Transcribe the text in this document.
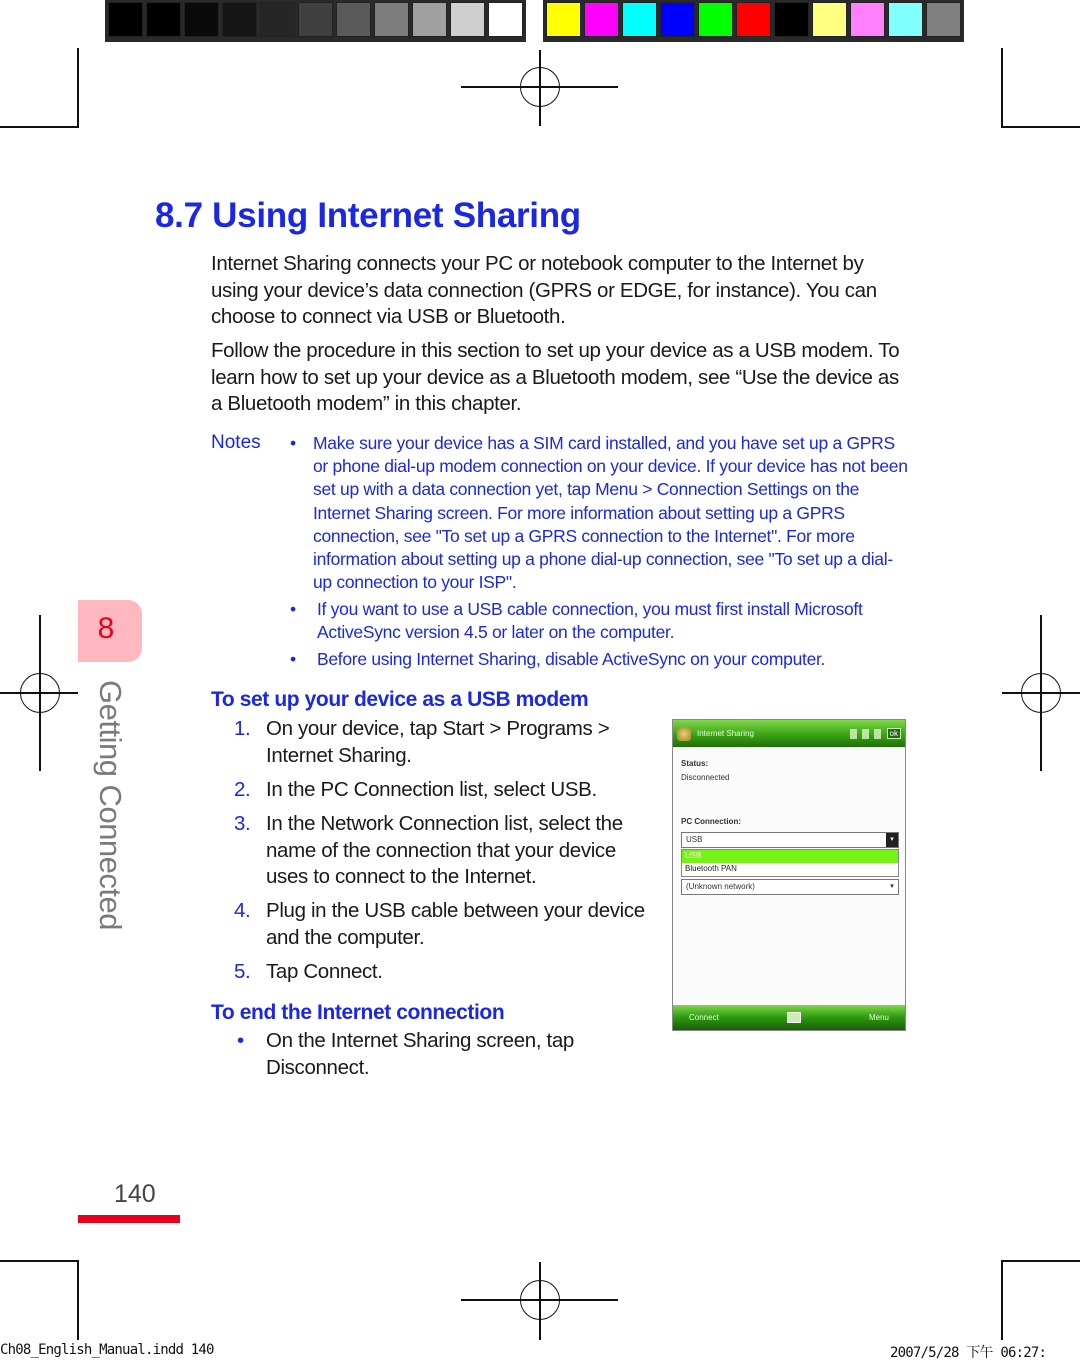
8.7 Using Internet Sharing

Internet Sharing connects your PC or notebook computer to the Internet by using your device’s data connection (GPRS or EDGE, for instance). You can choose to connect via USB or Bluetooth.

Follow the procedure in this section to set up your device as a USB modem. To learn how to set up your device as a Bluetooth modem, see “Use the device as a Bluetooth modem” in this chapter.

Notes • Make sure your device has a SIM card installed, and you have set up a GPRS or phone dial-up modem connection on your device. If your device has not been set up with a data connection yet, tap Menu > Connection Settings on the Internet Sharing screen. For more information about setting up a GPRS connection, see "To set up a GPRS connection to the Internet". For more information about setting up a phone dial-up connection, see "To set up a dial-up connection to your ISP".
• If you want to use a USB cable connection, you must first install Microsoft ActiveSync version 4.5 or later on the computer.
• Before using Internet Sharing, disable ActiveSync on your computer.
8
Getting Connected	To set up your device as a USB modem
1. On your device, tap Start > Programs > Internet Sharing.
2. In the PC Connection list, select USB.
3. In the Network Connection list, select the name of the connection that your device uses to connect to the Internet.
4. Plug in the USB cable between your device and the computer.
5. Tap Connect.
To end the Internet connection
• On the Internet Sharing screen, tap Disconnect.
Internet Sharing	ok
Status:
Disconnected
PC Connection:
USB	▾
USB
Bluetooth PAN
(Unknown network)	▾
Connect	Menu
140
Ch08_English_Manual.indd 140	2007/5/28 下午 06:27:
